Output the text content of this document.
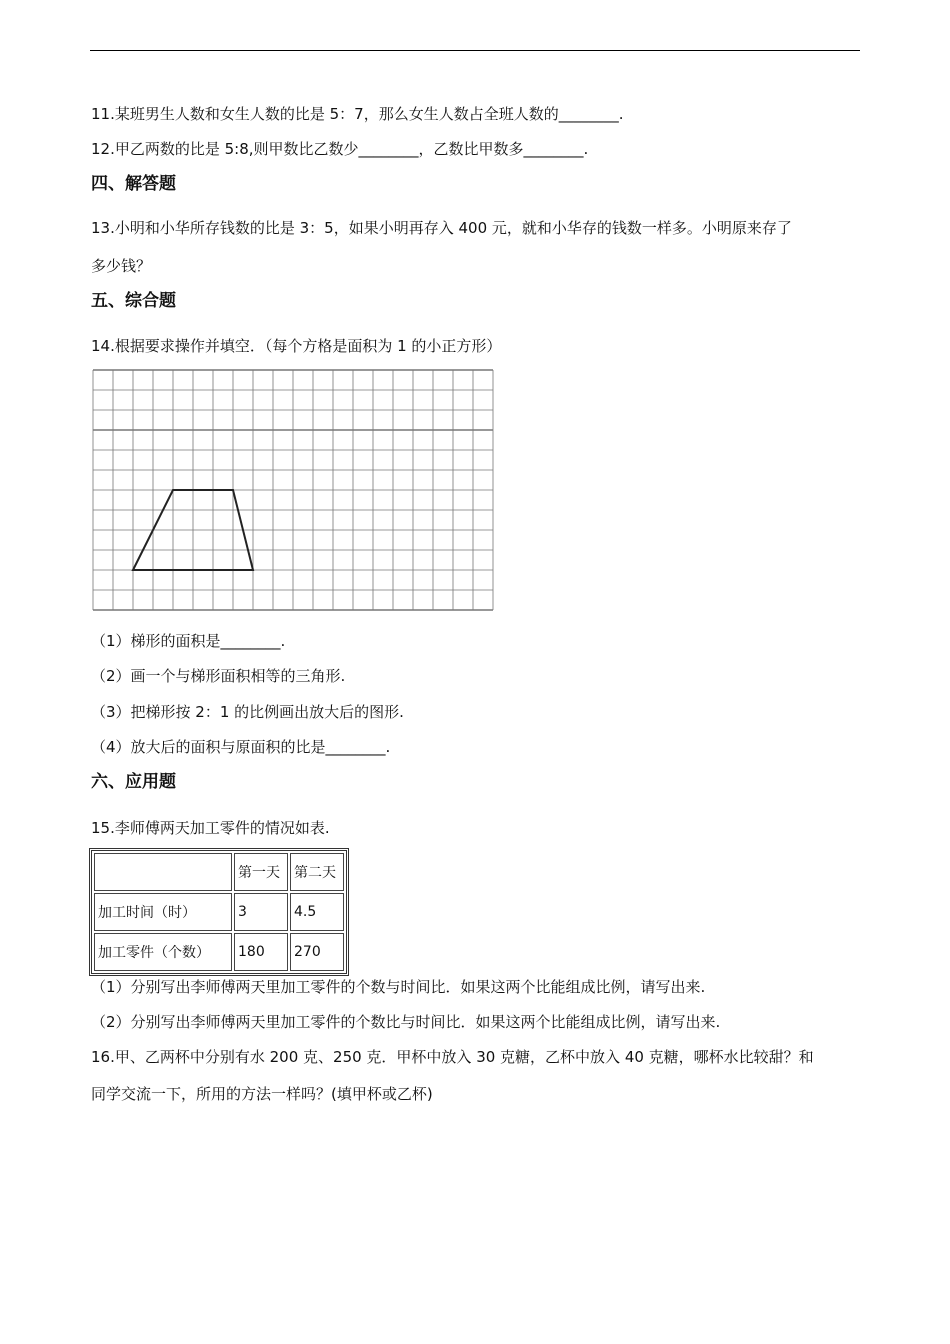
11.某班男生人数和女生人数的比是 5：7，那么女生人数占全班人数的________.
12.甲乙两数的比是 5:8,则甲数比乙数少________，乙数比甲数多________.
四、解答题
13.小明和小华所存钱数的比是 3：5，如果小明再存入 400 元，就和小华存的钱数一样多。小明原来存了
多少钱？
五、综合题
14.根据要求操作并填空．（每个方格是面积为 1 的小正方形）
（1）梯形的面积是________.
（2）画一个与梯形面积相等的三角形.
（3）把梯形按 2：1 的比例画出放大后的图形.
（4）放大后的面积与原面积的比是________.
六、应用题
15.李师傅两天加工零件的情况如表.
	第一天	第二天
加工时间（时）	3	4.5
加工零件（个数）	180	270
（1）分别写出李师傅两天里加工零件的个数与时间比．如果这两个比能组成比例，请写出来.
（2）分别写出李师傅两天里加工零件的个数比与时间比．如果这两个比能组成比例，请写出来.
16.甲、乙两杯中分别有水 200 克、250 克．甲杯中放入 30 克糖，乙杯中放入 40 克糖，哪杯水比较甜？和
同学交流一下，所用的方法一样吗？(填甲杯或乙杯)
